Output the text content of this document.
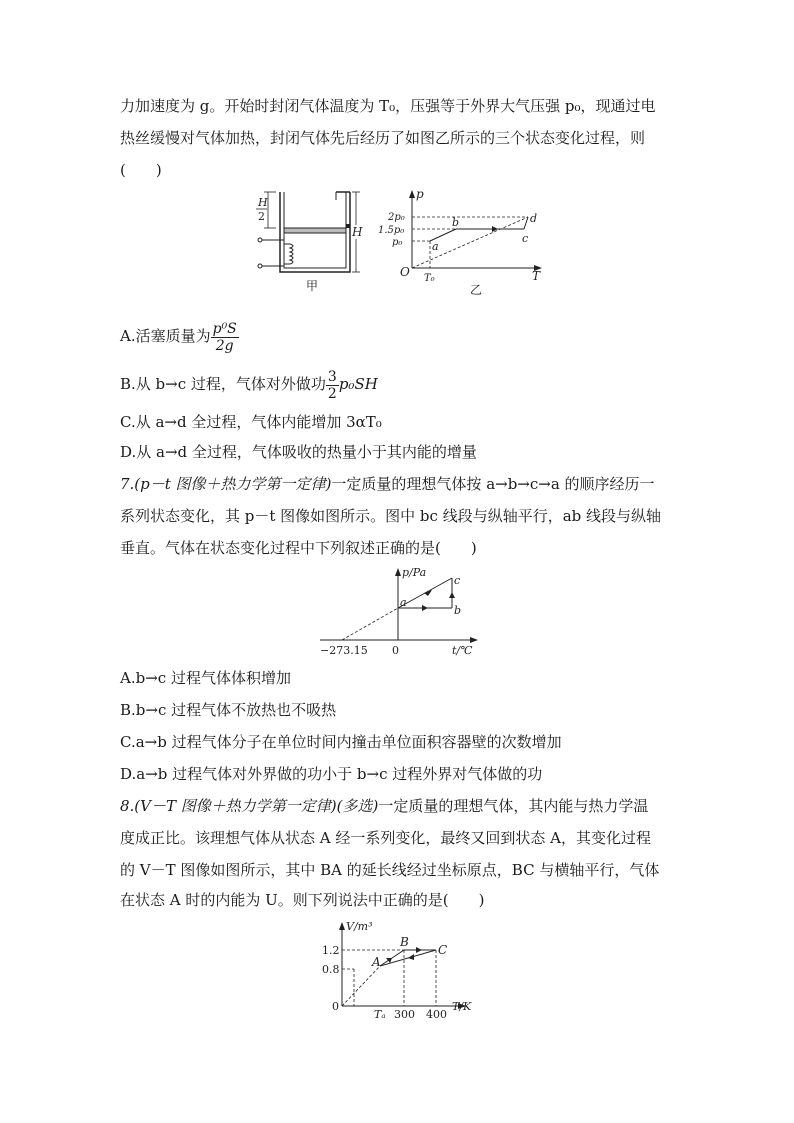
力加速度为 g。开始时封闭气体温度为 T₀，压强等于外界大气压强 p₀，现通过电
热丝缓慢对气体加热，封闭气体先后经历了如图乙所示的三个状态变化过程，则
(　　)
H
2
H
甲
p
T
O
2p₀
1.5p₀
p₀
T₀
a
b
c
d
乙
A.活塞质量为 $\frac{\text{p⁰S}}{2g}$
B.从 b→c 过程，气体对外做功 $\frac{3}{2} p_0SH$
C.从 a→d 全过程，气体内能增加 3αT₀
D.从 a→d 全过程，气体吸收的热量小于其内能的增量
7.(p－t 图像＋热力学第一定律)一定质量的理想气体按 a→b→c→a 的顺序经历一
系列状态变化，其 p－t 图像如图所示。图中 bc 线段与纵轴平行，ab 线段与纵轴
垂直。气体在状态变化过程中下列叙述正确的是(　　)
p/Pa
t/℃
−273.15 0
a
b
c
A.b→c 过程气体体积增加
B.b→c 过程气体不放热也不吸热
C.a→b 过程气体分子在单位时间内撞击单位面积容器壁的次数增加
D.a→b 过程气体对外界做的功小于 b→c 过程外界对气体做的功
8.(V－T 图像＋热力学第一定律)(多选)一定质量的理想气体，其内能与热力学温
度成正比。该理想气体从状态 A 经一系列变化，最终又回到状态 A，其变化过程
的 V－T 图像如图所示，其中 BA 的延长线经过坐标原点，BC 与横轴平行，气体
在状态 A 时的内能为 U。则下列说法中正确的是(　　)
V/m³
T/K
0
1.2
0.8
A
B
C
Tₐ 300 400
